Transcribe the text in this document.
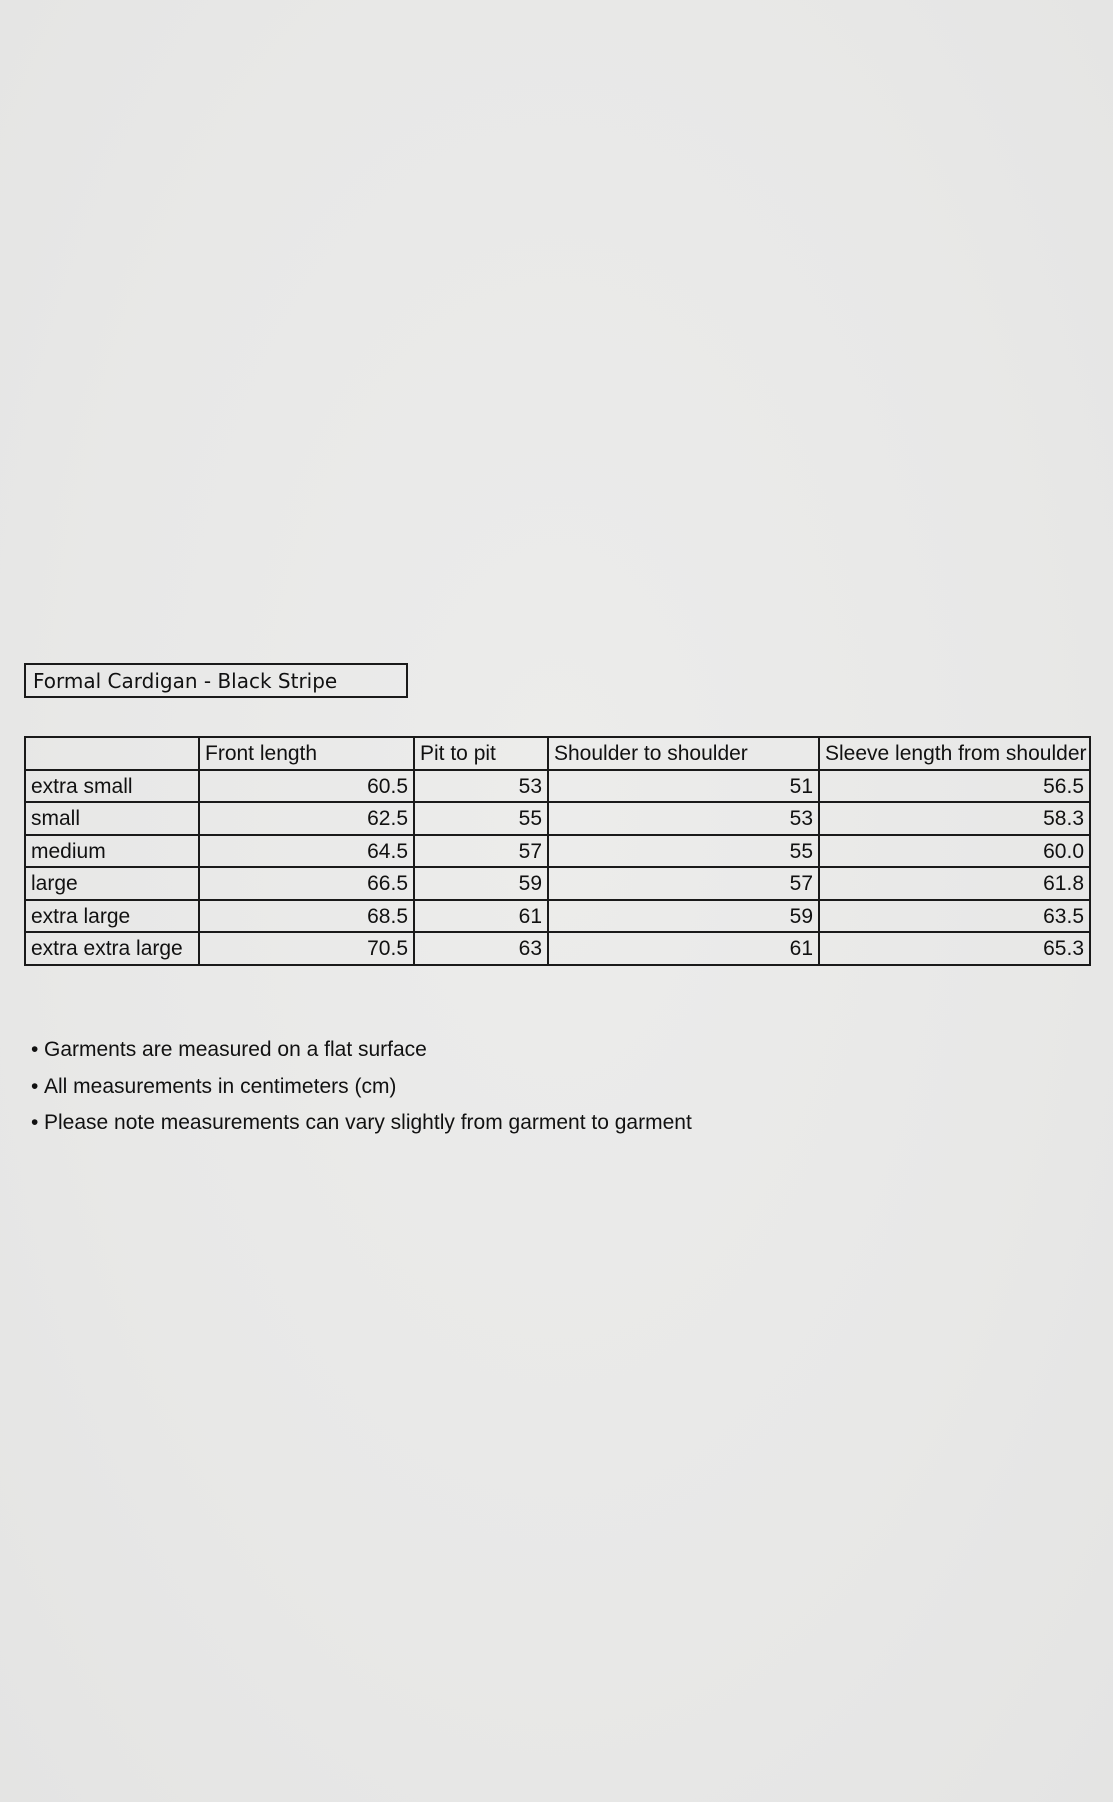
Formal Cardigan - Black Stripe
	Front length	Pit to pit	Shoulder to shoulder	Sleeve length from shoulder
extra small	60.5	53	51	56.5
small	62.5	55	53	58.3
medium	64.5	57	55	60.0
large	66.5	59	57	61.8
extra large	68.5	61	59	63.5
extra extra large	70.5	63	61	65.3
• Garments are measured on a flat surface
• All measurements in centimeters (cm)
• Please note measurements can vary slightly from garment to garment
